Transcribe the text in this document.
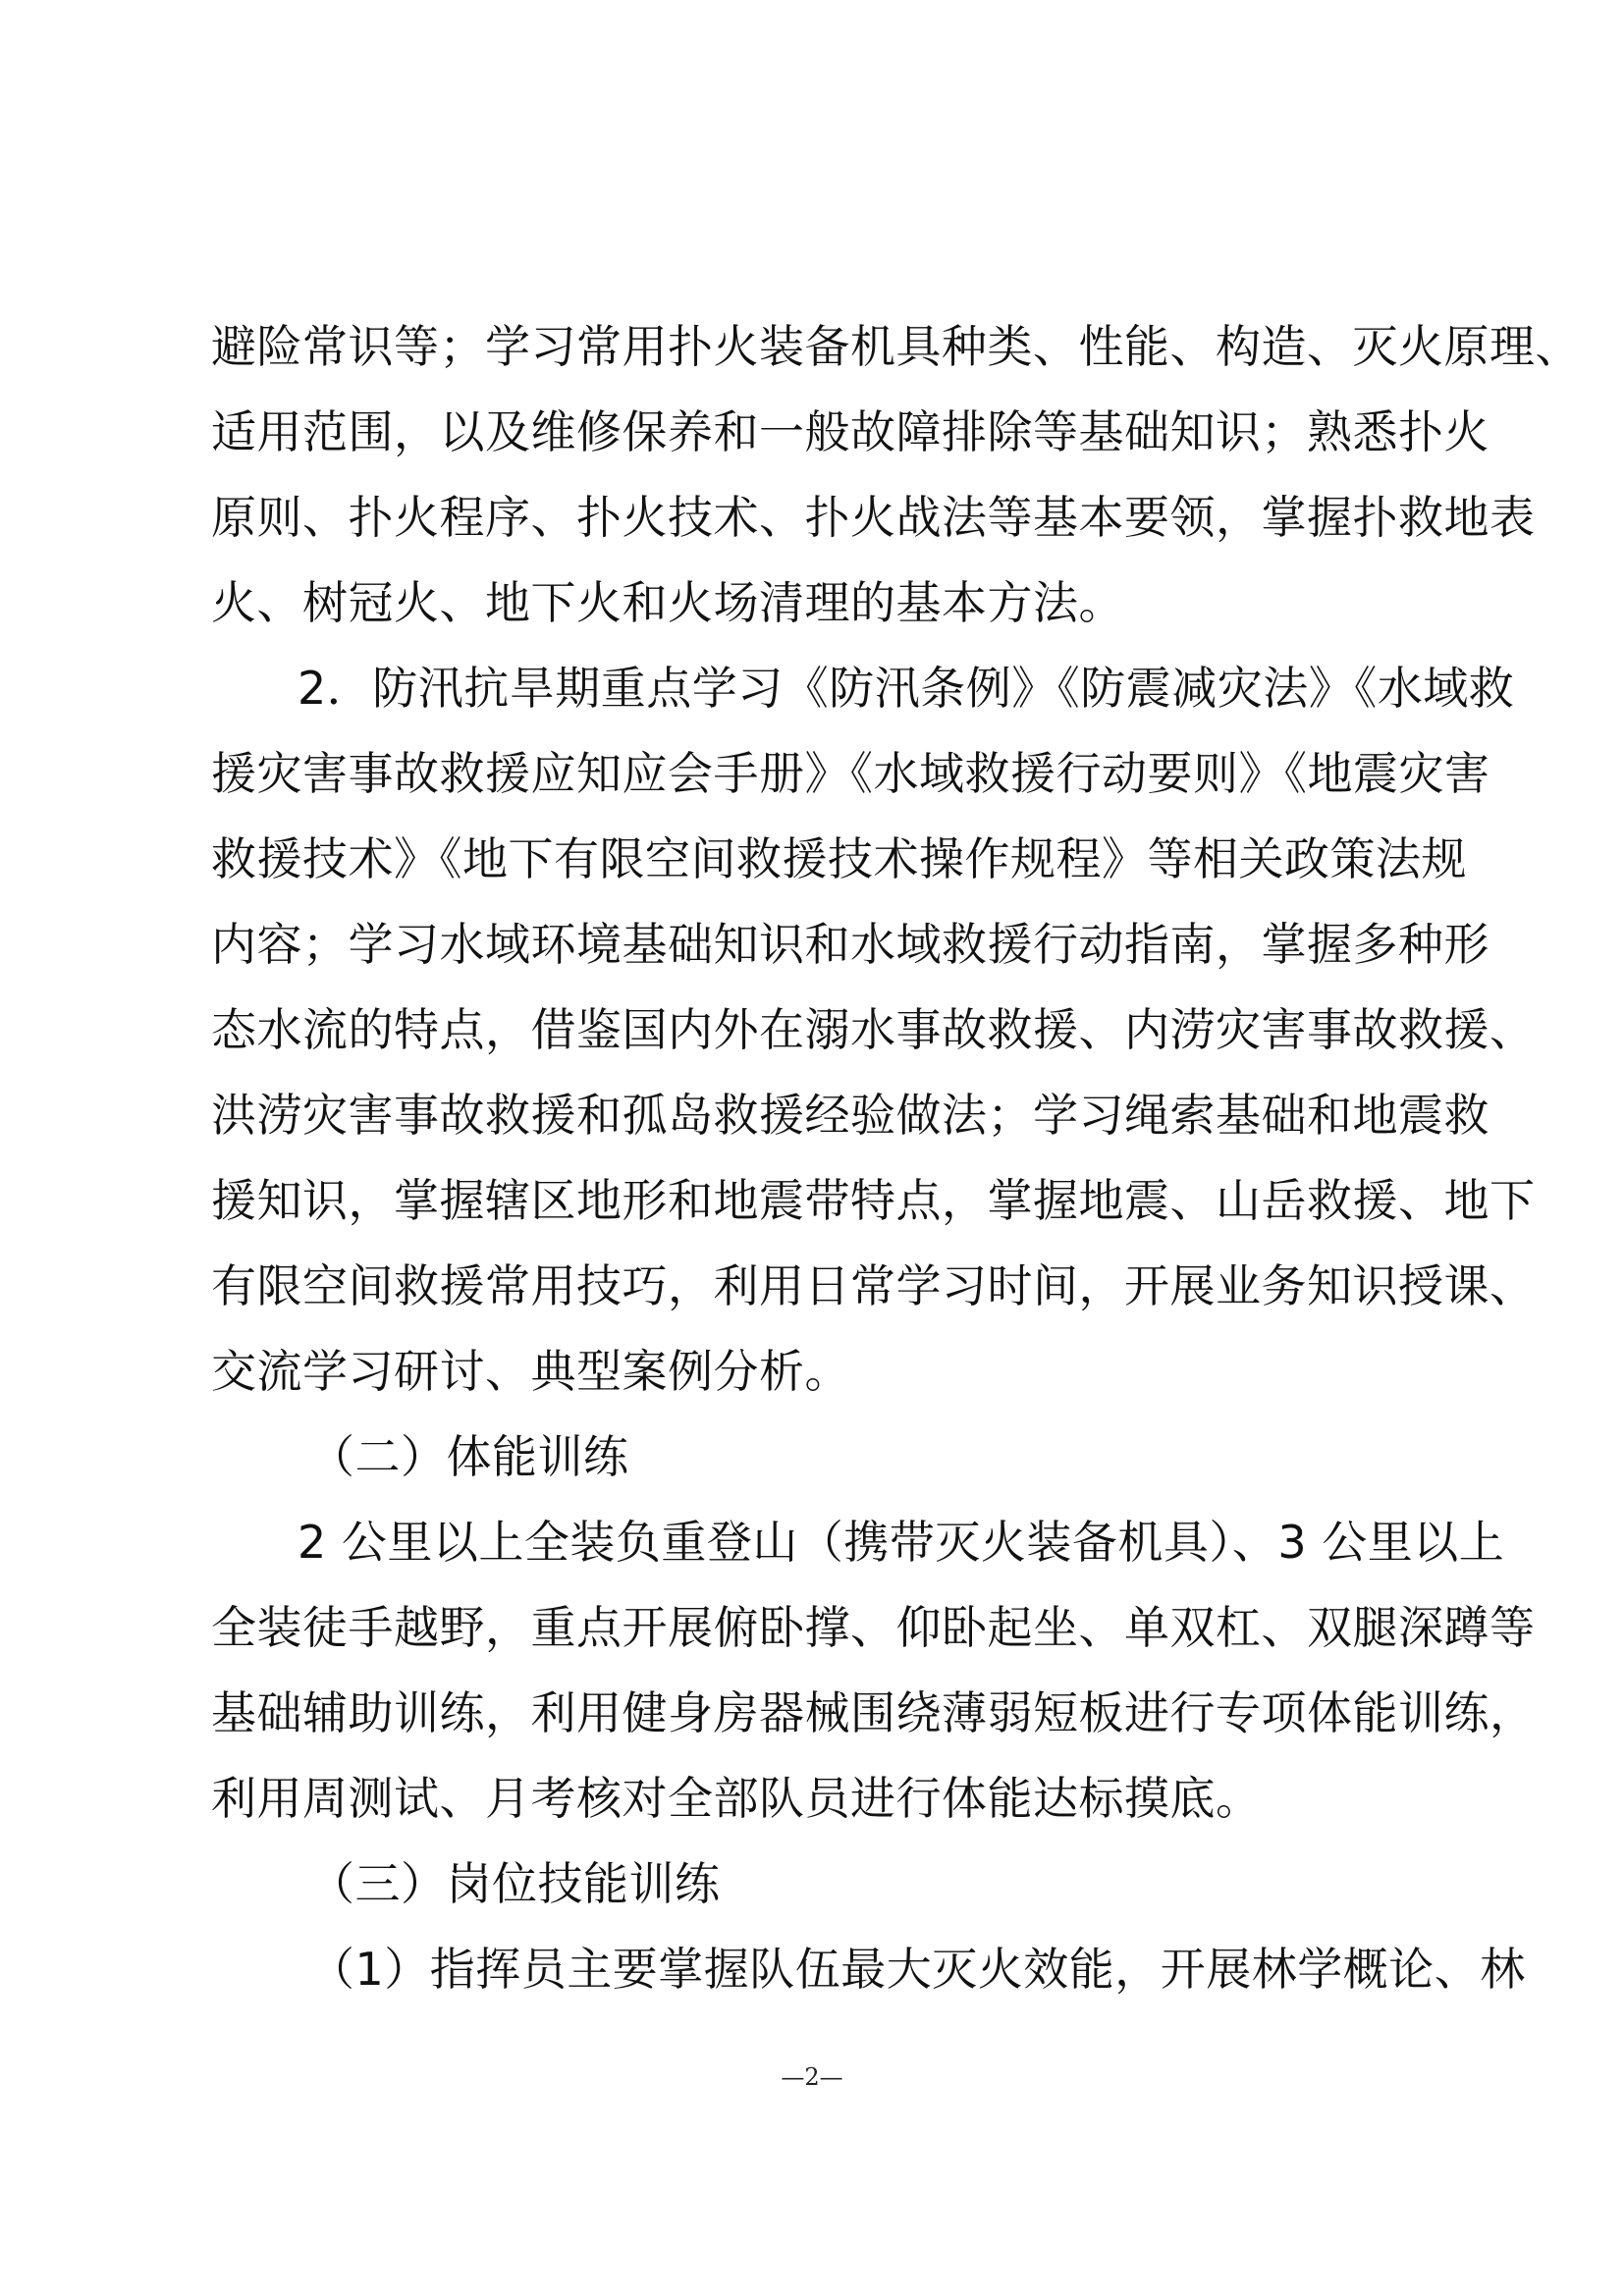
避险常识等；学习常用扑火装备机具种类、性能、构造、灭火原理、
适用范围，以及维修保养和一般故障排除等基础知识；熟悉扑火
原则、扑火程序、扑火技术、扑火战法等基本要领，掌握扑救地表
火、树冠火、地下火和火场清理的基本方法。
2．防汛抗旱期重点学习《防汛条例》《防震减灾法》《水域救
援灾害事故救援应知应会手册》《水域救援行动要则》《地震灾害
救援技术》《地下有限空间救援技术操作规程》等相关政策法规
内容；学习水域环境基础知识和水域救援行动指南，掌握多种形
态水流的特点，借鉴国内外在溺水事故救援、内涝灾害事故救援、
洪涝灾害事故救援和孤岛救援经验做法；学习绳索基础和地震救
援知识，掌握辖区地形和地震带特点，掌握地震、山岳救援、地下
有限空间救援常用技巧，利用日常学习时间，开展业务知识授课、
交流学习研讨、典型案例分析。
（二）体能训练
2 公里以上全装负重登山（携带灭火装备机具）、3 公里以上
全装徒手越野，重点开展俯卧撑、仰卧起坐、单双杠、双腿深蹲等
基础辅助训练，利用健身房器械围绕薄弱短板进行专项体能训练，
利用周测试、月考核对全部队员进行体能达标摸底。
（三）岗位技能训练
（1）指挥员主要掌握队伍最大灭火效能，开展林学概论、林
—2—
